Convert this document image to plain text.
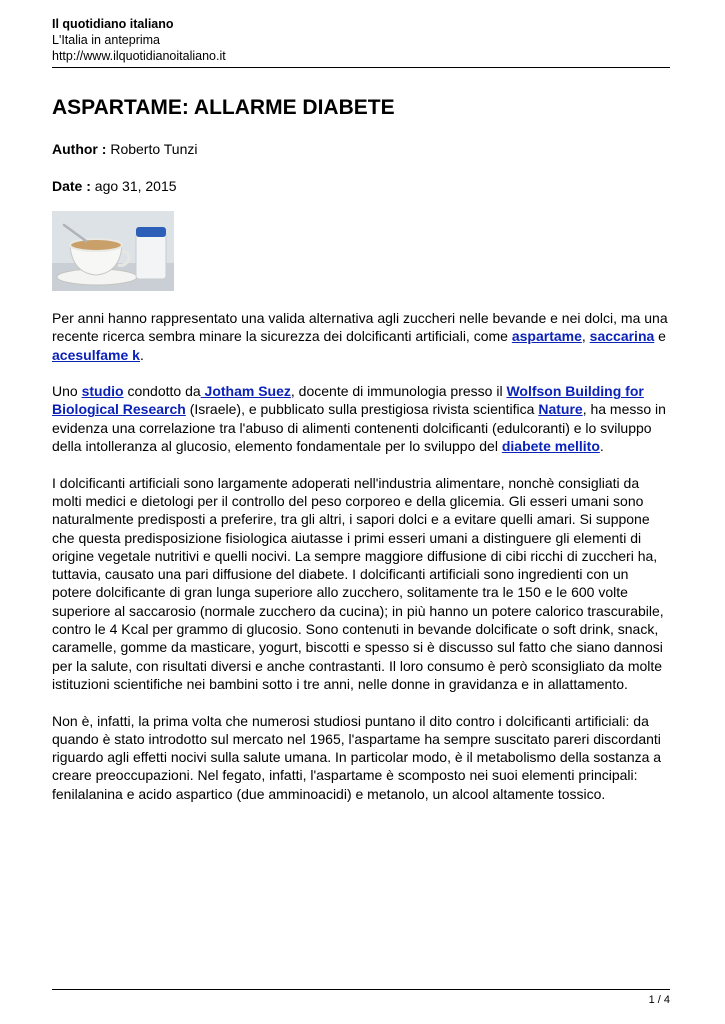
Il quotidiano italiano
L'Italia in anteprima
http://www.ilquotidianoitaliano.it
ASPARTAME: ALLARME DIABETE
Author : Roberto Tunzi
Date : ago 31, 2015

Per anni hanno rappresentato una valida alternativa agli zuccheri nelle bevande e nei dolci, ma una recente ricerca sembra minare la sicurezza dei dolcificanti artificiali, come aspartame, saccarina e acesulfame k.

Uno studio condotto da Jotham Suez, docente di immunologia presso il Wolfson Building for Biological Research (Israele), e pubblicato sulla prestigiosa rivista scientifica Nature, ha messo in evidenza una correlazione tra l'abuso di alimenti contenenti dolcificanti (edulcoranti) e lo sviluppo della intolleranza al glucosio, elemento fondamentale per lo sviluppo del diabete mellito.

I dolcificanti artificiali sono largamente adoperati nell'industria alimentare, nonchè consigliati da molti medici e dietologi per il controllo del peso corporeo e della glicemia. Gli esseri umani sono naturalmente predisposti a preferire, tra gli altri, i sapori dolci e a evitare quelli amari. Si suppone che questa predisposizione fisiologica aiutasse i primi esseri umani a distinguere gli elementi di origine vegetale nutritivi e quelli nocivi. La sempre maggiore diffusione di cibi ricchi di zuccheri ha, tuttavia, causato una pari diffusione del diabete. I dolcificanti artificiali sono ingredienti con un potere dolcificante di gran lunga superiore allo zucchero, solitamente tra le 150 e le 600 volte superiore al saccarosio (normale zucchero da cucina); in più hanno un potere calorico trascurabile, contro le 4 Kcal per grammo di glucosio. Sono contenuti in bevande dolcificate o soft drink, snack, caramelle, gomme da masticare, yogurt, biscotti e spesso si è discusso sul fatto che siano dannosi per la salute, con risultati diversi e anche contrastanti. Il loro consumo è però sconsigliato da molte istituzioni scientifiche nei bambini sotto i tre anni, nelle donne in gravidanza e in allattamento.

Non è, infatti, la prima volta che numerosi studiosi puntano il dito contro i dolcificanti artificiali: da quando è stato introdotto sul mercato nel 1965, l'aspartame ha sempre suscitato pareri discordanti riguardo agli effetti nocivi sulla salute umana. In particolar modo, è il metabolismo della sostanza a creare preoccupazioni. Nel fegato, infatti, l'aspartame è scomposto nei suoi elementi principali: fenilalanina e acido aspartico (due amminoacidi) e metanolo, un alcool altamente tossico.

1 / 4
